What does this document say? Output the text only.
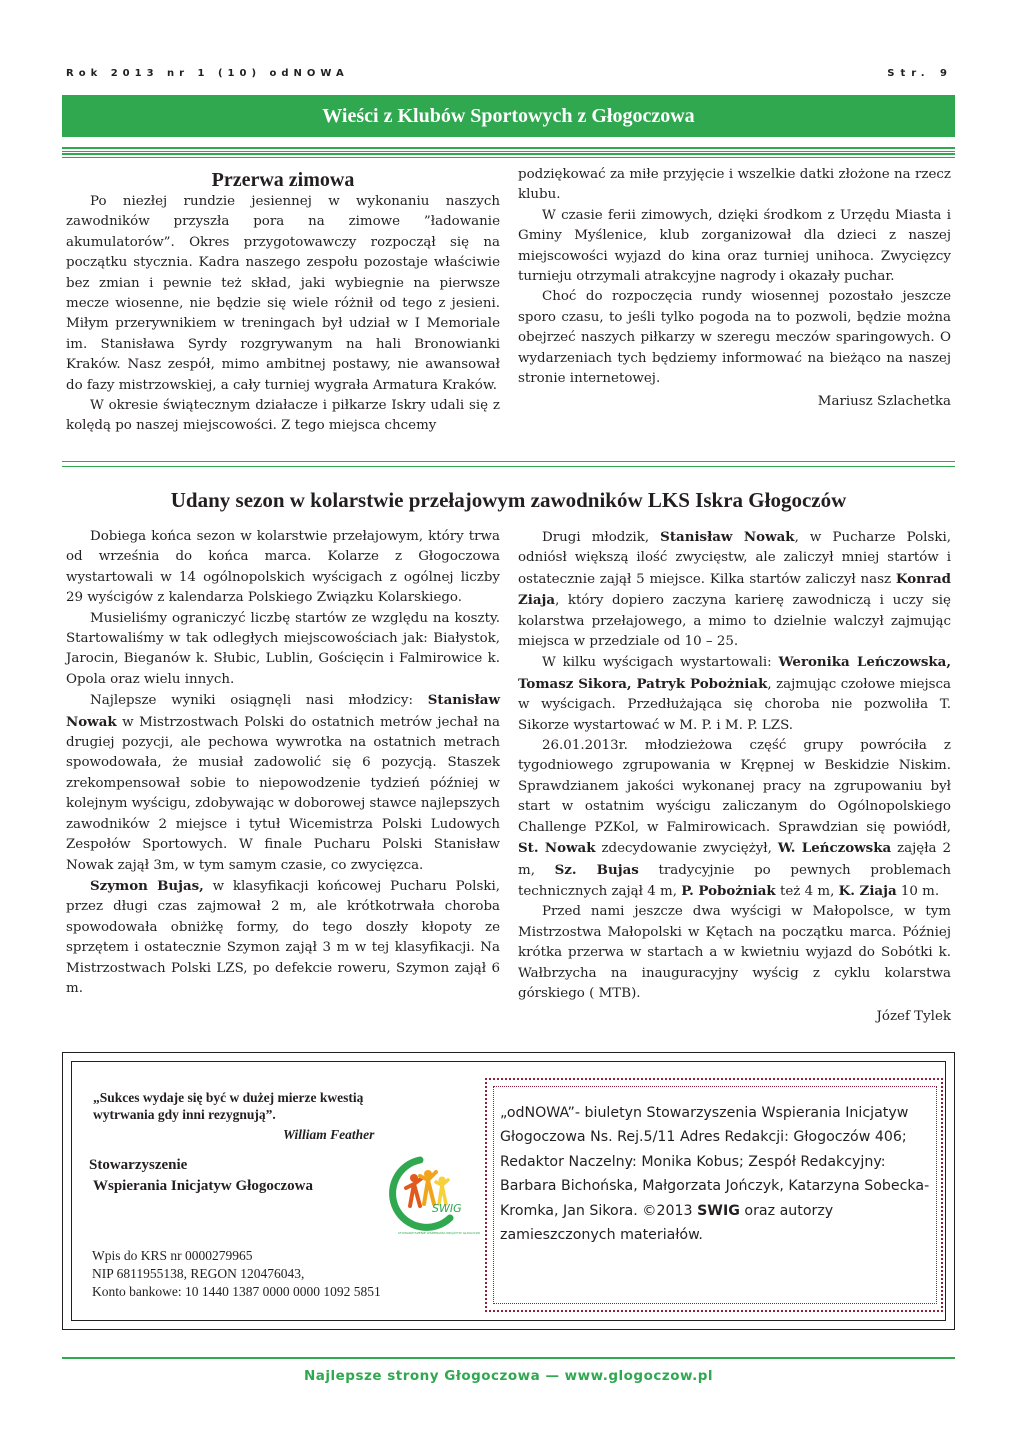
Rok 2013 nr 1 (10) odNOWA	Str. 9
Wieści z Klubów Sportowych z Głogoczowa
Przerwa zimowa

Po niezłej rundzie jesiennej w wykonaniu naszych zawodników przyszła pora na zimowe ”ładowanie akumulatorów”. Okres przygotowawczy rozpoczął się na początku stycznia. Kadra naszego zespołu pozostaje właściwie bez zmian i pewnie też skład, jaki wybiegnie na pierwsze mecze wiosenne, nie będzie się wiele różnił od tego z jesieni. Miłym przerywnikiem w treningach był udział w I Memoriale im. Stanisława Syrdy rozgrywanym na hali Bronowianki Kraków. Nasz zespół, mimo ambitnej postawy, nie awansował do fazy mistrzowskiej, a cały turniej wygrała Armatura Kraków.

W okresie świątecznym działacze i piłkarze Iskry udali się z kolędą po naszej miejscowości. Z tego miejsca chcemy

podziękować za miłe przyjęcie i wszelkie datki złożone na rzecz klubu.

W czasie ferii zimowych, dzięki środkom z Urzędu Miasta i Gminy Myślenice, klub zorganizował dla dzieci z naszej miejscowości wyjazd do kina oraz turniej unihoca. Zwycięzcy turnieju otrzymali atrakcyjne nagrody i okazały puchar.

Choć do rozpoczęcia rundy wiosennej pozostało jeszcze sporo czasu, to jeśli tylko pogoda na to pozwoli, będzie można obejrzeć naszych piłkarzy w szeregu meczów sparingowych. O wydarzeniach tych będziemy informować na bieżąco na naszej stronie internetowej.

Mariusz Szlachetka
Udany sezon w kolarstwie przełajowym zawodników LKS Iskra Głogoczów

Dobiega końca sezon w kolarstwie przełajowym, który trwa od września do końca marca. Kolarze z Głogoczowa wystartowali w 14 ogólnopolskich wyścigach z ogólnej liczby 29 wyścigów z kalendarza Polskiego Związku Kolarskiego.

Musieliśmy ograniczyć liczbę startów ze względu na koszty. Startowaliśmy w tak odległych miejscowościach jak: Białystok, Jarocin, Bieganów k. Słubic, Lublin, Gościęcin i Falmirowice k. Opola oraz wielu innych.

Najlepsze wyniki osiągnęli nasi młodzicy: Stanisław Nowak w Mistrzostwach Polski do ostatnich metrów jechał na drugiej pozycji, ale pechowa wywrotka na ostatnich metrach spowodowała, że musiał zadowolić się 6 pozycją. Staszek zrekompensował sobie to niepowodzenie tydzień później w kolejnym wyścigu, zdobywając w doborowej stawce najlepszych zawodników 2 miejsce i tytuł Wicemistrza Polski Ludowych Zespołów Sportowych. W finale Pucharu Polski Stanisław Nowak zajął 3m, w tym samym czasie, co zwycięzca.

Szymon Bujas, w klasyfikacji końcowej Pucharu Polski, przez długi czas zajmował 2 m, ale krótkotrwała choroba spowodowała obniżkę formy, do tego doszły kłopoty ze sprzętem i ostatecznie Szymon zajął 3 m w tej klasyfikacji. Na Mistrzostwach Polski LZS, po defekcie roweru, Szymon zajął 6 m.

Drugi młodzik, Stanisław Nowak, w Pucharze Polski, odniósł większą ilość zwycięstw, ale zaliczył mniej startów i ostatecznie zajął 5 miejsce. Kilka startów zaliczył nasz Konrad Ziaja, który dopiero zaczyna karierę zawodniczą i uczy się kolarstwa przełajowego, a mimo to dzielnie walczył zajmując miejsca w przedziale od 10 – 25.

W kilku wyścigach wystartowali: Weronika Leńczowska, Tomasz Sikora, Patryk Pobożniak, zajmując czołowe miejsca w wyścigach. Przedłużająca się choroba nie pozwoliła T. Sikorze wystartować w M. P. i M. P. LZS.

26.01.2013r. młodzieżowa część grupy powróciła z tygodniowego zgrupowania w Krępnej w Beskidzie Niskim. Sprawdzianem jakości wykonanej pracy na zgrupowaniu był start w ostatnim wyścigu zaliczanym do Ogólnopolskiego Challenge PZKol, w Falmirowicach. Sprawdzian się powiódł, St. Nowak zdecydowanie zwyciężył, W. Leńczowska zajęła 2 m, Sz. Bujas tradycyjnie po pewnych problemach technicznych zajął 4 m, P. Pobożniak też 4 m, K. Ziaja 10 m.

Przed nami jeszcze dwa wyścigi w Małopolsce, w tym Mistrzostwa Małopolski w Kętach na początku marca. Później krótka przerwa w startach a w kwietniu wyjazd do Sobótki k. Wałbrzycha na inauguracyjny wyścig z cyklu kolarstwa górskiego ( MTB).

Józef Tylek
„Sukces wydaje się być w dużej mierze kwestią
wytrwania gdy inni rezygnują”.
William Feather
Stowarzyszenie
Wspierania Inicjatyw Głogoczowa
SWIG
STOWARZYSZENIE WSPIERANIA INICJATYW GŁOGOCZOWA
Wpis do KRS nr 0000279965
NIP 6811955138, REGON 120476043,
Konto bankowe: 10 1440 1387 0000 0000 1092 5851
„odNOWA”- biuletyn Stowarzyszenia Wspierania Inicjatyw Głogoczowa Ns. Rej.5/11 Adres Redakcji: Głogoczów 406; Redaktor Naczelny: Monika Kobus; Zespół Redakcyjny: Barbara Bichońska, Małgorzata Jończyk, Katarzyna Sobecka-Kromka, Jan Sikora. ©2013 SWIG oraz autorzy zamieszczonych materiałów.
Najlepsze strony Głogoczowa — www.glogoczow.pl
